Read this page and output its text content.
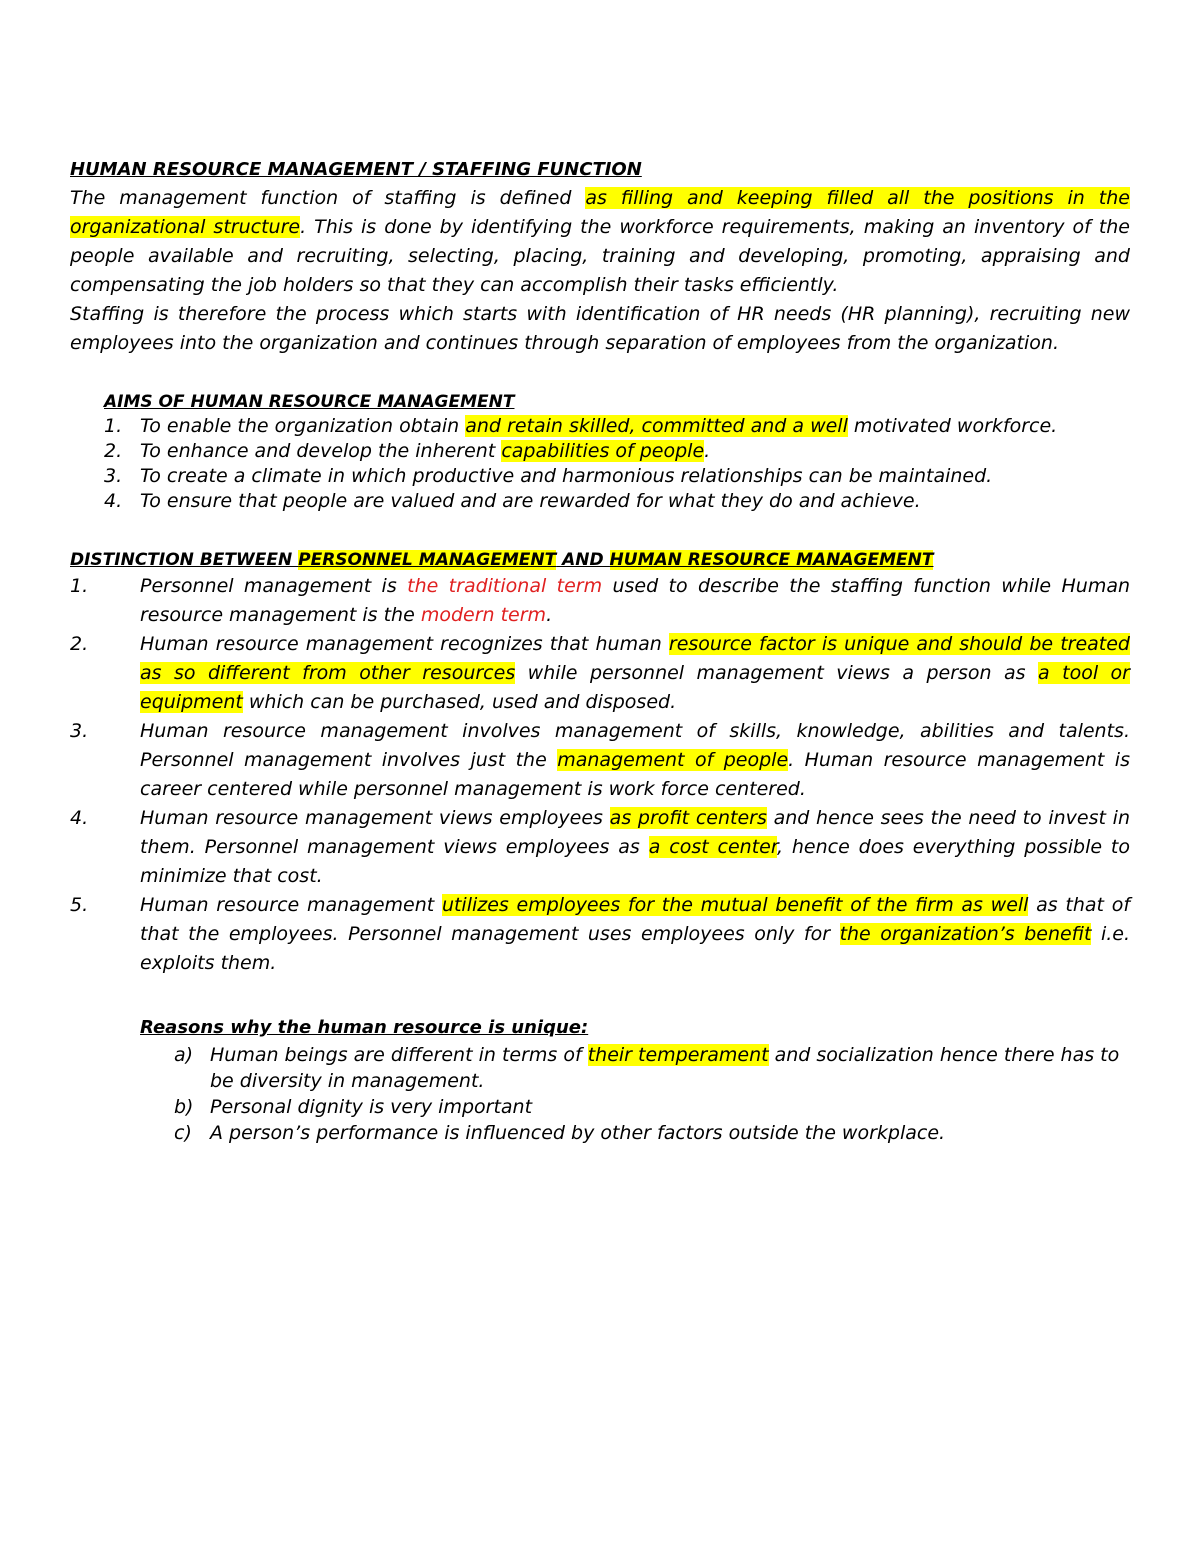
HUMAN RESOURCE MANAGEMENT / STAFFING FUNCTION

The management function of staffing is defined as filling and keeping filled all the positions in the organizational structure. This is done by identifying the workforce requirements, making an inventory of the people available and recruiting, selecting, placing, training and developing, promoting, appraising and compensating the job holders so that they can accomplish their tasks efficiently.

Staffing is therefore the process which starts with identification of HR needs (HR planning), recruiting new employees into the organization and continues through separation of employees from the organization.

AIMS OF HUMAN RESOURCE MANAGEMENT

1. To enable the organization obtain and retain skilled, committed and a well motivated workforce.
2. To enhance and develop the inherent capabilities of people.
3. To create a climate in which productive and harmonious relationships can be maintained.
4. To ensure that people are valued and are rewarded for what they do and achieve.

DISTINCTION BETWEEN PERSONNEL MANAGEMENT AND HUMAN RESOURCE MANAGEMENT

1.	Personnel management is the traditional term used to describe the staffing function while Human resource management is the modern term.
2.	Human resource management recognizes that human resource factor is unique and should be treated as so different from other resources while personnel management views a person as a tool or equipment which can be purchased, used and disposed.
3.	Human resource management involves management of skills, knowledge, abilities and talents. Personnel management involves just the management of people. Human resource management is career centered while personnel management is work force centered.
4.	Human resource management views employees as profit centers and hence sees the need to invest in them. Personnel management views employees as a cost center, hence does everything possible to minimize that cost.
5.	Human resource management utilizes employees for the mutual benefit of the firm as well as that of that the employees. Personnel management uses employees only for the organization’s benefit i.e. exploits them.

Reasons why the human resource is unique:

a) Human beings are different in terms of their temperament and socialization hence there has to be diversity in management.
b) Personal dignity is very important
c) A person’s performance is influenced by other factors outside the workplace.
